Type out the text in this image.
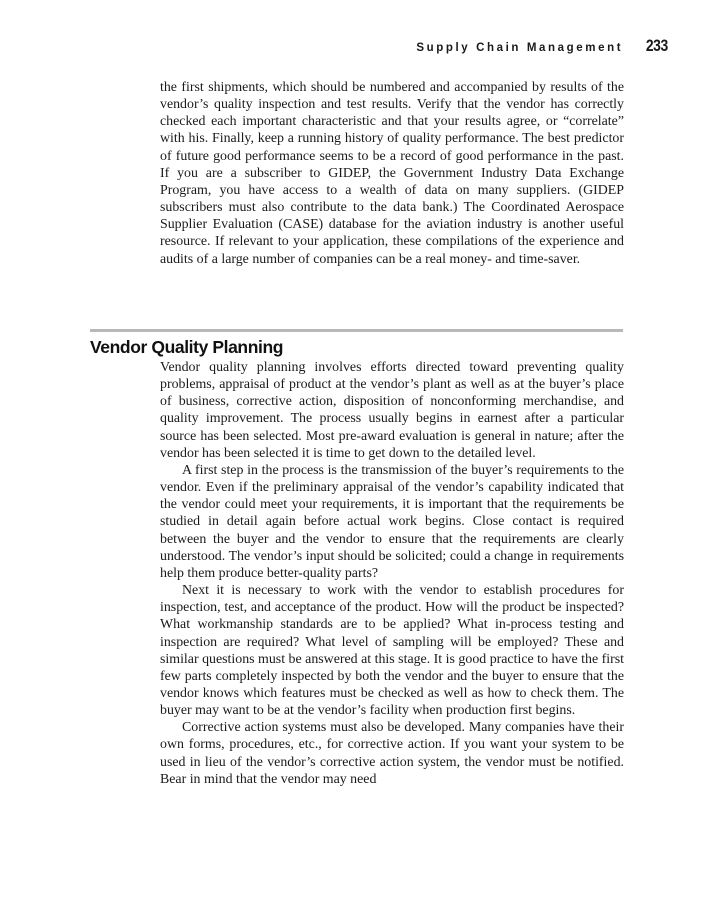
Supply Chain Management 233

the first shipments, which should be numbered and accompanied by results of the vendor’s quality inspection and test results. Verify that the vendor has correctly checked each important characteristic and that your results agree, or “correlate” with his. Finally, keep a running history of quality performance. The best predictor of future good performance seems to be a record of good performance in the past. If you are a subscriber to GIDEP, the Government Industry Data Exchange Program, you have access to a wealth of data on many suppliers. (GIDEP subscribers must also contribute to the data bank.) The Coordinated Aerospace Supplier Evaluation (CASE) database for the aviation industry is another useful resource. If relevant to your application, these compilations of the experience and audits of a large number of companies can be a real money- and time-saver.

Vendor Quality Planning

Vendor quality planning involves efforts directed toward preventing quality problems, appraisal of product at the vendor’s plant as well as at the buyer’s place of business, corrective action, disposition of nonconforming merchandise, and quality improvement. The process usually begins in earnest after a particular source has been selected. Most pre-award evaluation is general in nature; after the vendor has been selected it is time to get down to the detailed level.

A first step in the process is the transmission of the buyer’s requirements to the vendor. Even if the preliminary appraisal of the vendor’s capability indicated that the vendor could meet your requirements, it is important that the requirements be studied in detail again before actual work begins. Close contact is required between the buyer and the vendor to ensure that the requirements are clearly understood. The vendor’s input should be solicited; could a change in requirements help them produce better-quality parts?

Next it is necessary to work with the vendor to establish procedures for inspection, test, and acceptance of the product. How will the product be inspected? What workmanship standards are to be applied? What in-process testing and inspection are required? What level of sampling will be employed? These and similar questions must be answered at this stage. It is good practice to have the first few parts completely inspected by both the vendor and the buyer to ensure that the vendor knows which features must be checked as well as how to check them. The buyer may want to be at the vendor’s facility when production first begins.

Corrective action systems must also be developed. Many companies have their own forms, procedures, etc., for corrective action. If you want your system to be used in lieu of the vendor’s corrective action system, the vendor must be notified. Bear in mind that the vendor may need
